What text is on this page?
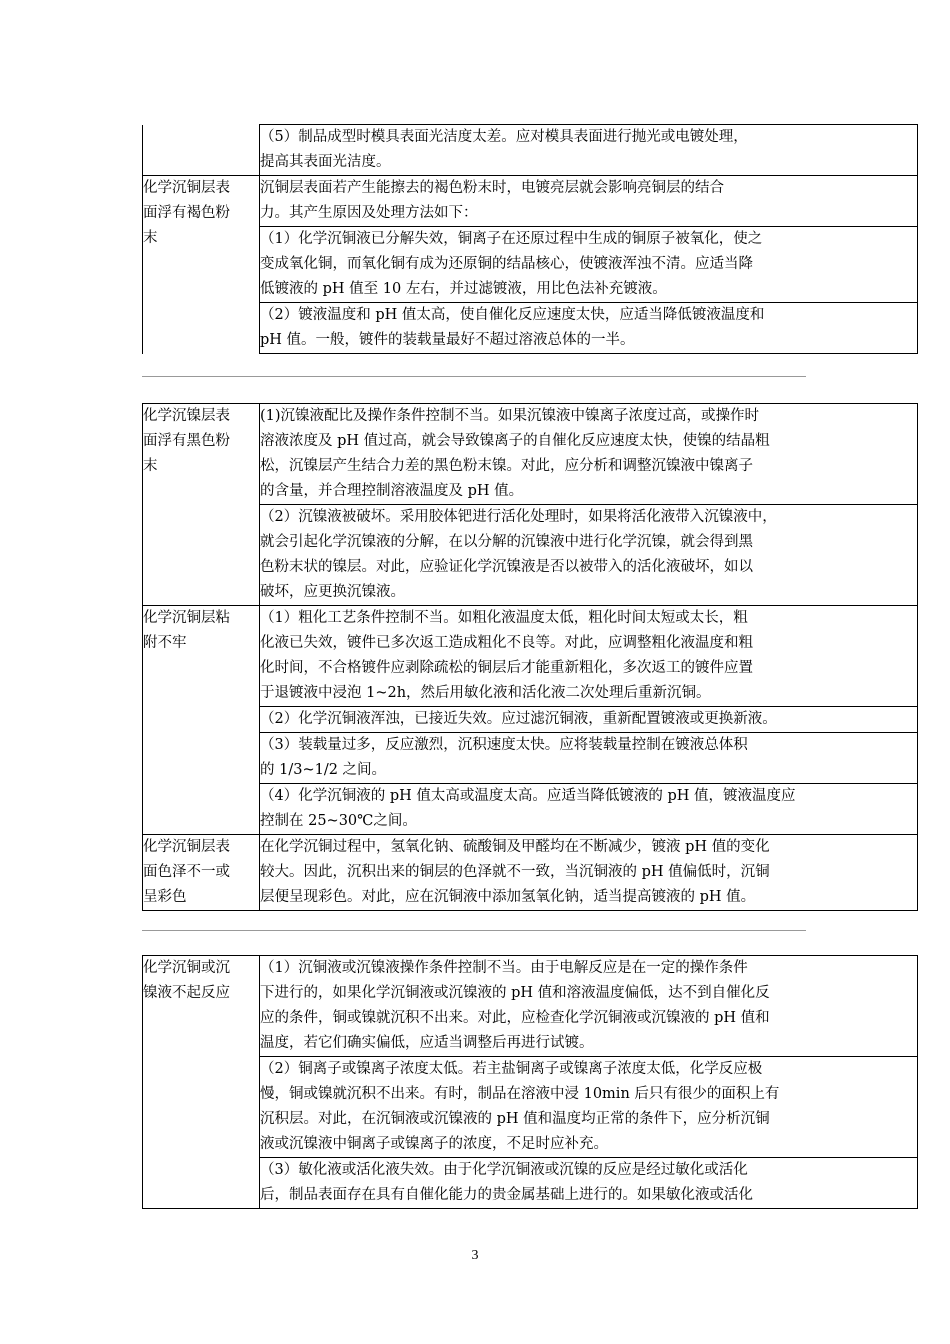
	（5）制品成型时模具表面光洁度太差。应对模具表面进行抛光或电镀处理，
提高其表面光洁度。

化学沉铜层表
面浮有褐色粉
末	沉铜层表面若产生能擦去的褐色粉末时，电镀亮层就会影响亮铜层的结合
力。其产生原因及处理方法如下：

	（1）化学沉铜液已分解失效，铜离子在还原过程中生成的铜原子被氧化，使之
变成氧化铜，而氧化铜有成为还原铜的结晶核心，使镀液浑浊不清。应适当降
低镀液的 pH 值至 10 左右，并过滤镀液，用比色法补充镀液。

	（2）镀液温度和 pH 值太高，使自催化反应速度太快，应适当降低镀液温度和
pH 值。一般，镀件的装载量最好不超过溶液总体的一半。
化学沉镍层表
面浮有黑色粉
末	(1)沉镍液配比及操作条件控制不当。如果沉镍液中镍离子浓度过高，或操作时
溶液浓度及 pH 值过高，就会导致镍离子的自催化反应速度太快，使镍的结晶粗
松，沉镍层产生结合力差的黑色粉末镍。对此，应分析和调整沉镍液中镍离子
的含量，并合理控制溶液温度及 pH 值。

	（2）沉镍液被破坏。采用胶体钯进行活化处理时，如果将活化液带入沉镍液中，
就会引起化学沉镍液的分解，在以分解的沉镍液中进行化学沉镍，就会得到黑
色粉末状的镍层。对此，应验证化学沉镍液是否以被带入的活化液破坏，如以
破坏，应更换沉镍液。

化学沉铜层粘
附不牢	（1）粗化工艺条件控制不当。如粗化液温度太低，粗化时间太短或太长，粗
化液已失效，镀件已多次返工造成粗化不良等。对此，应调整粗化液温度和粗
化时间，不合格镀件应剥除疏松的铜层后才能重新粗化，多次返工的镀件应置
于退镀液中浸泡 1~2h，然后用敏化液和活化液二次处理后重新沉铜。

	（2）化学沉铜液浑浊，已接近失效。应过滤沉铜液，重新配置镀液或更换新液。

	（3）装载量过多，反应激烈，沉积速度太快。应将装载量控制在镀液总体积
的 1/3~1/2 之间。

	（4）化学沉铜液的 pH 值太高或温度太高。应适当降低镀液的 pH 值，镀液温度应
控制在 25~30℃之间。

化学沉铜层表
面色泽不一或
呈彩色	在化学沉铜过程中，氢氧化钠、硫酸铜及甲醛均在不断减少，镀液 pH 值的变化
较大。因此，沉积出来的铜层的色泽就不一致，当沉铜液的 pH 值偏低时，沉铜
层便呈现彩色。对此，应在沉铜液中添加氢氧化钠，适当提高镀液的 pH 值。
化学沉铜或沉
镍液不起反应

（1）沉铜液或沉镍液操作条件控制不当。由于电解反应是在一定的操作条件
下进行的，如果化学沉铜液或沉镍液的 pH 值和溶液温度偏低，达不到自催化反
应的条件，铜或镍就沉积不出来。对此，应检查化学沉铜液或沉镍液的 pH 值和
温度，若它们确实偏低，应适当调整后再进行试镀。

（2）铜离子或镍离子浓度太低。若主盐铜离子或镍离子浓度太低，化学反应极
慢，铜或镍就沉积不出来。有时，制品在溶液中浸 10min 后只有很少的面积上有
沉积层。对此，在沉铜液或沉镍液的 pH 值和温度均正常的条件下，应分析沉铜
液或沉镍液中铜离子或镍离子的浓度，不足时应补充。

（3）敏化液或活化液失效。由于化学沉铜液或沉镍的反应是经过敏化或活化
后，制品表面存在具有自催化能力的贵金属基础上进行的。如果敏化液或活化
3
